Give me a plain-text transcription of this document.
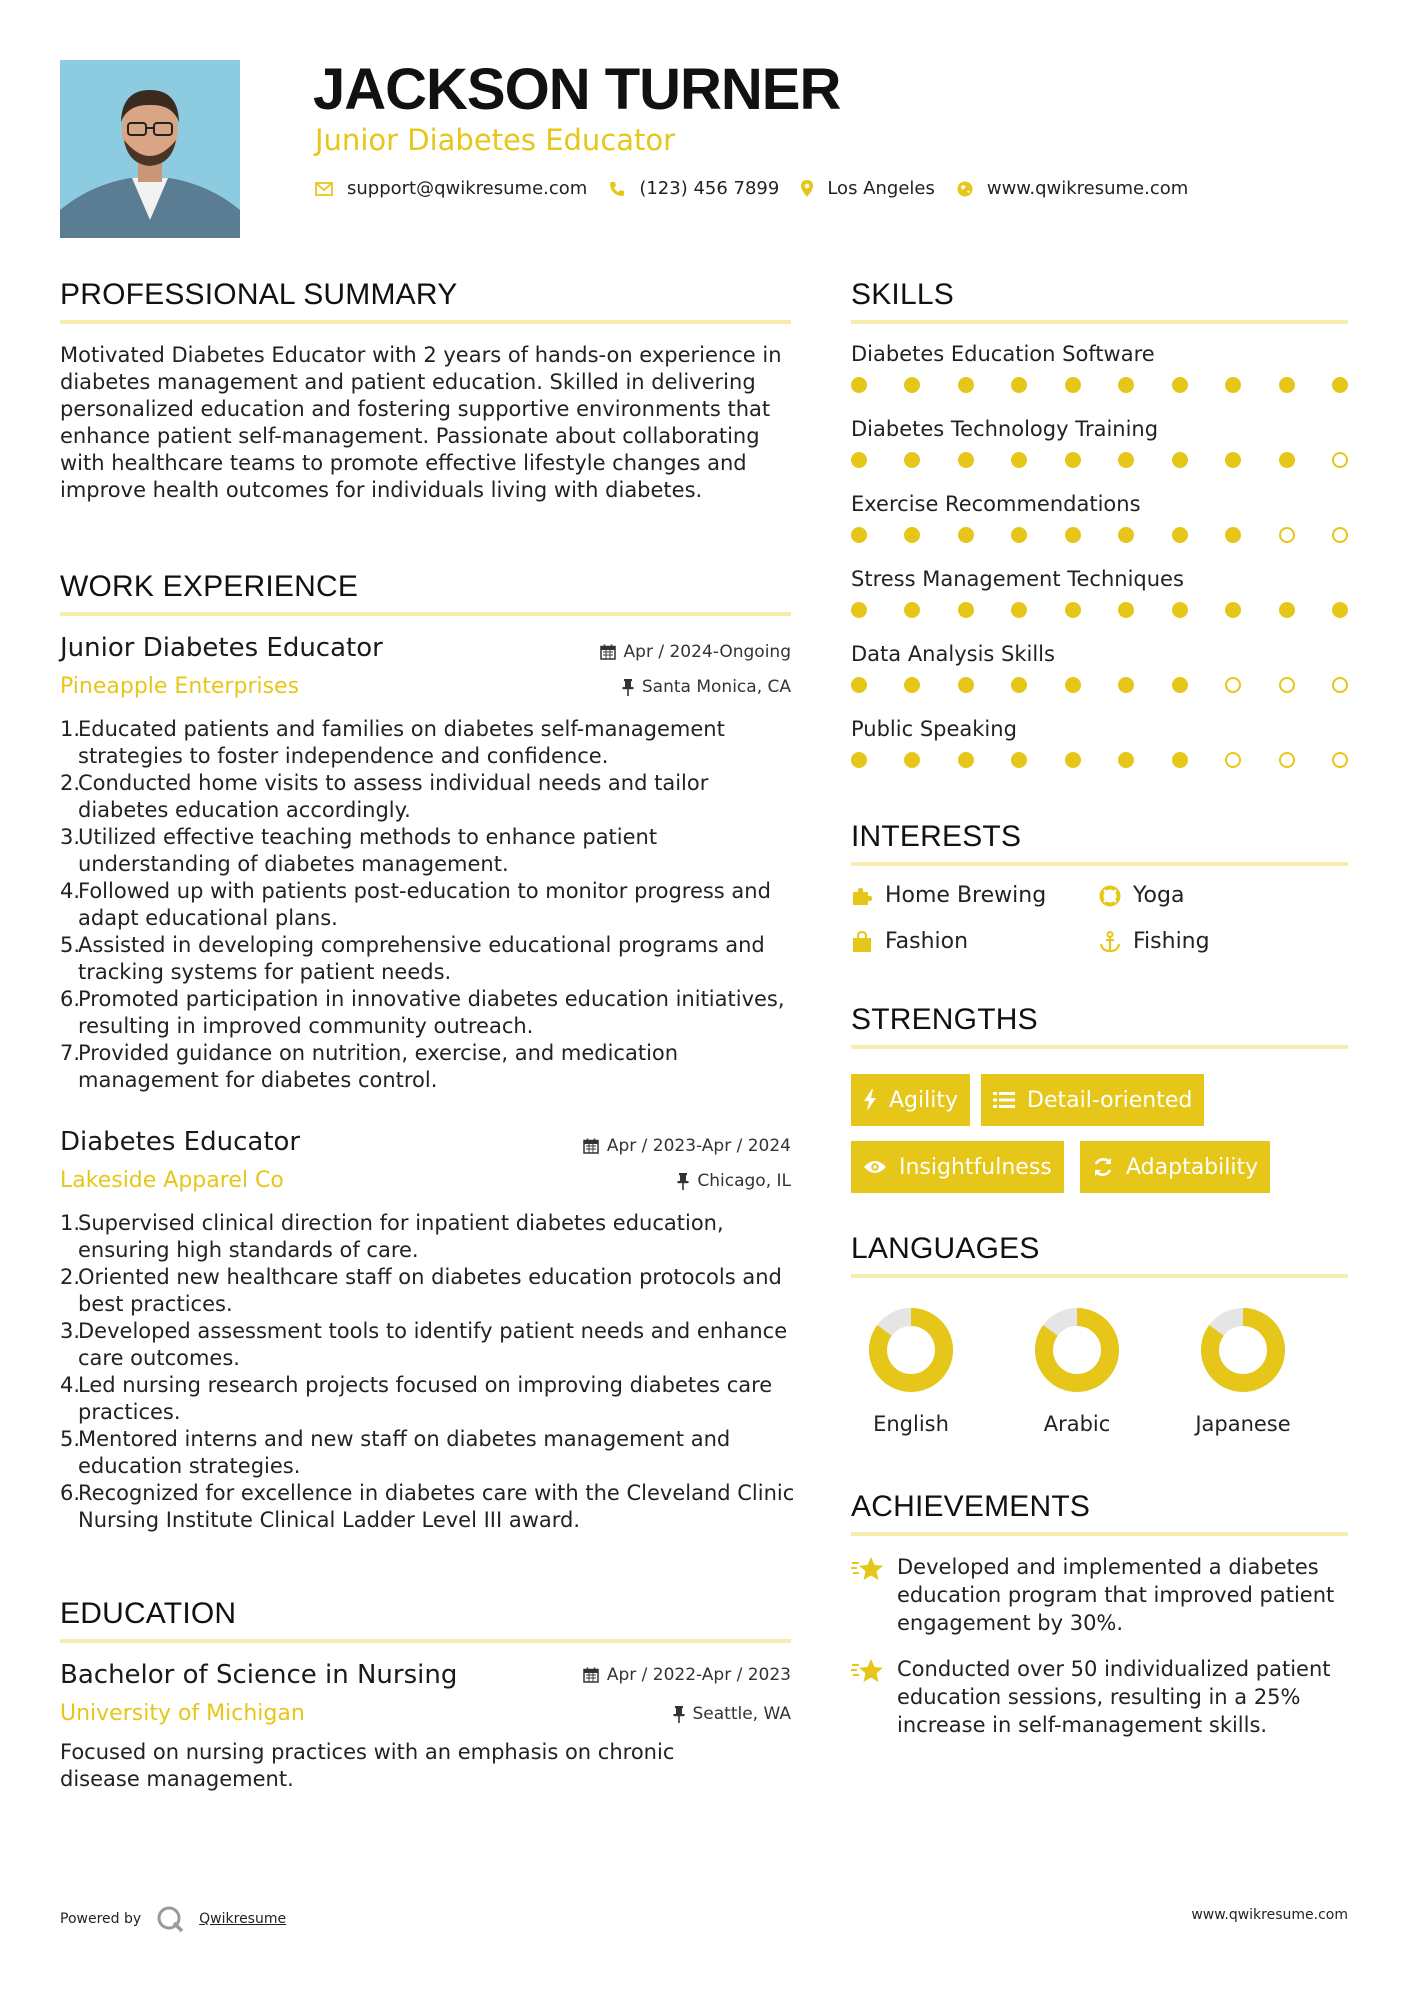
JACKSON TURNER
Junior Diabetes Educator
support@qwikresume.com	(123) 456 7899	Los Angeles	www.qwikresume.com
PROFESSIONAL SUMMARY
Motivated Diabetes Educator with 2 years of hands-on experience in diabetes management and patient education. Skilled in delivering personalized education and fostering supportive environments that enhance patient self-management. Passionate about collaborating with healthcare teams to promote effective lifestyle changes and improve health outcomes for individuals living with diabetes.
WORK EXPERIENCE
Junior Diabetes Educator	Apr / 2024-Ongoing
Pineapple Enterprises	Santa Monica, CA
1.
Educated patients and families on diabetes self-management strategies to foster independence and confidence.
2.
Conducted home visits to assess individual needs and tailor diabetes education accordingly.
3.
Utilized effective teaching methods to enhance patient understanding of diabetes management.
4.
Followed up with patients post-education to monitor progress and adapt educational plans.
5.
Assisted in developing comprehensive educational programs and tracking systems for patient needs.
6.
Promoted participation in innovative diabetes education initiatives, resulting in improved community outreach.
7.
Provided guidance on nutrition, exercise, and medication management for diabetes control.
Diabetes Educator	Apr / 2023-Apr / 2024
Lakeside Apparel Co	Chicago, IL
1.
Supervised clinical direction for inpatient diabetes education, ensuring high standards of care.
2.
Oriented new healthcare staff on diabetes education protocols and best practices.
3.
Developed assessment tools to identify patient needs and enhance care outcomes.
4.
Led nursing research projects focused on improving diabetes care practices.
5.
Mentored interns and new staff on diabetes management and education strategies.
6.
Recognized for excellence in diabetes care with the Cleveland Clinic Nursing Institute Clinical Ladder Level III award.
EDUCATION
Bachelor of Science in Nursing	Apr / 2022-Apr / 2023
University of Michigan	Seattle, WA
Focused on nursing practices with an emphasis on chronic disease management.
SKILLS
Diabetes Education Software
Diabetes Technology Training
Exercise Recommendations
Stress Management Techniques
Data Analysis Skills
Public Speaking
INTERESTS
Home Brewing	Yoga
Fashion	Fishing
STRENGTHS
Agility	Detail-oriented
Insightfulness	Adaptability
LANGUAGES
English	Arabic	Japanese
ACHIEVEMENTS
Developed and implemented a diabetes education program that improved patient engagement by 30%.
Conducted over 50 individualized patient education sessions, resulting in a 25% increase in self-management skills.
Powered by	Qwikresume	www.qwikresume.com
